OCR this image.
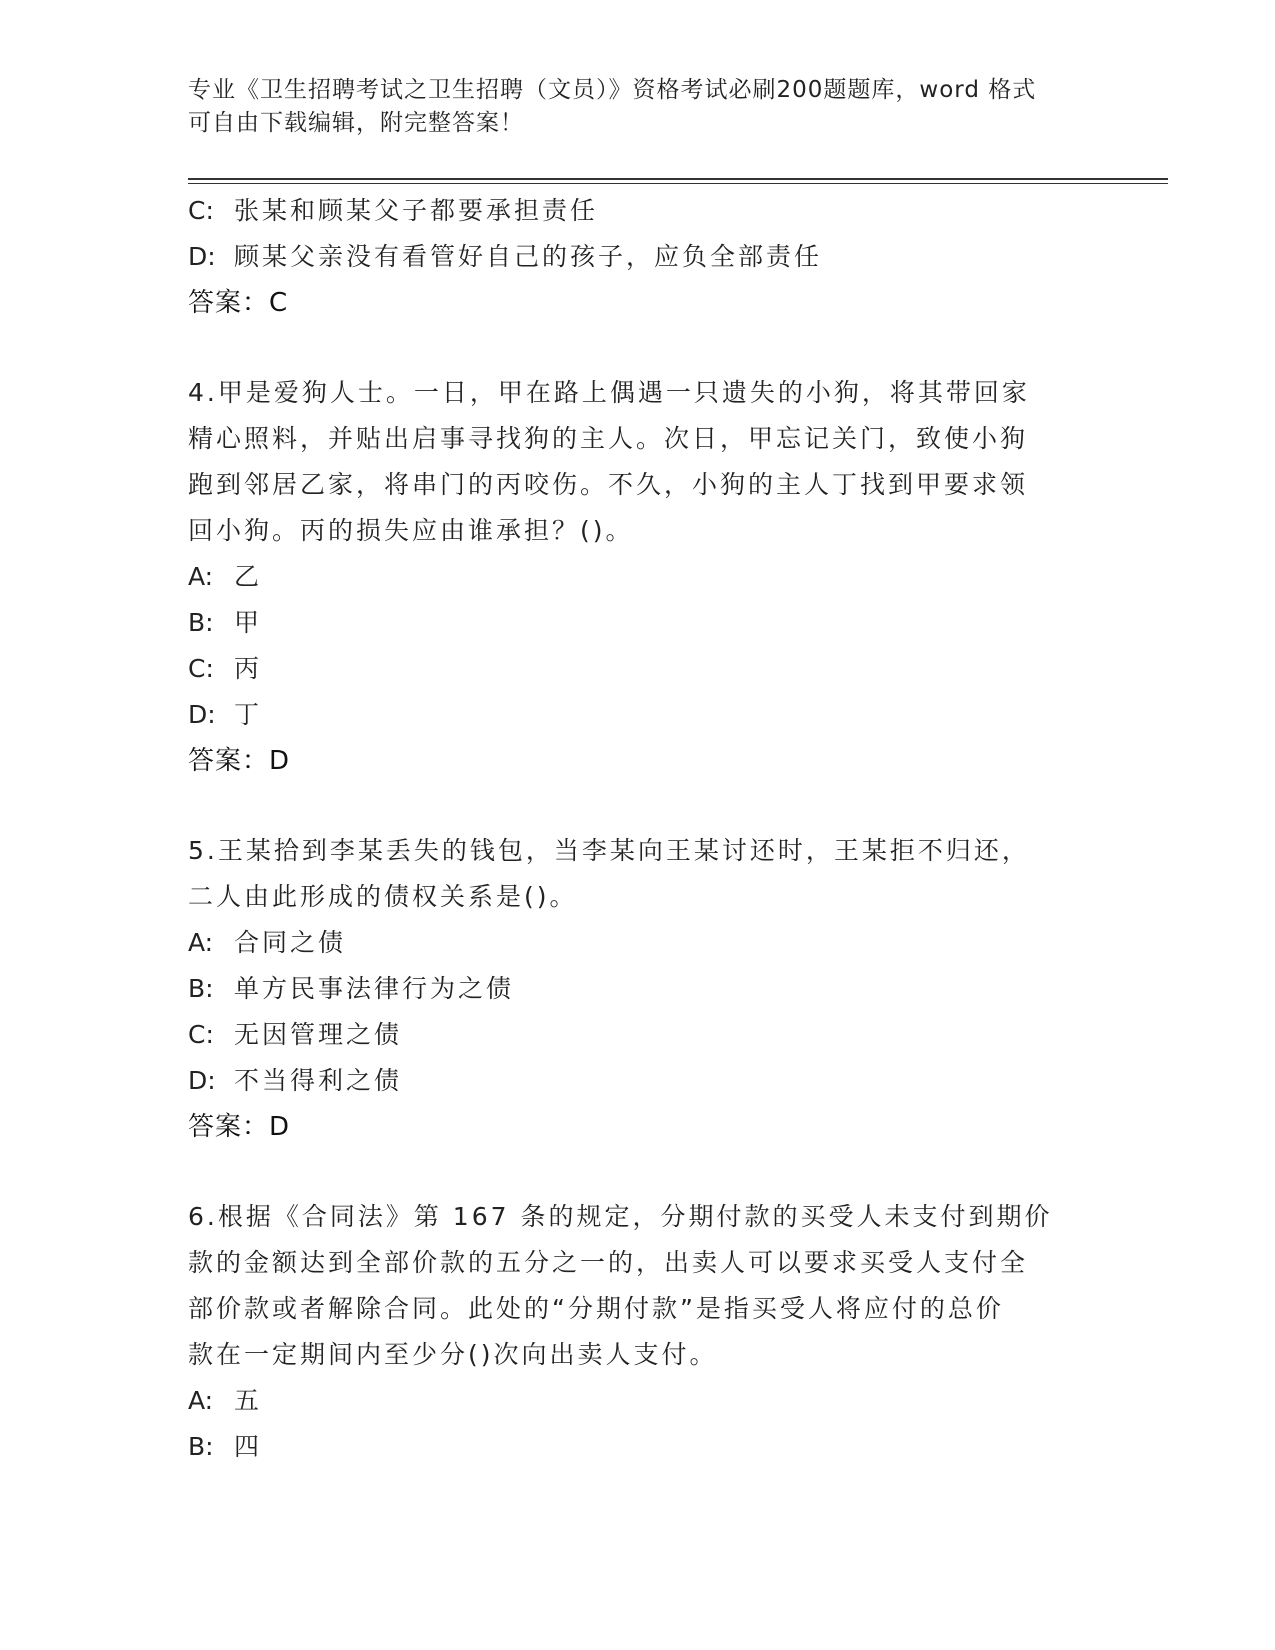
专业《卫生招聘考试之卫生招聘（文员）》资格考试必刷200题题库，word 格式
可自由下载编辑，附完整答案！
C: 张某和顾某父子都要承担责任
D: 顾某父亲没有看管好自己的孩子，应负全部责任
答案：C
4.甲是爱狗人士。一日，甲在路上偶遇一只遗失的小狗，将其带回家
精心照料，并贴出启事寻找狗的主人。次日，甲忘记关门，致使小狗
跑到邻居乙家，将串门的丙咬伤。不久，小狗的主人丁找到甲要求领
回小狗。丙的损失应由谁承担？()。
A: 乙
B: 甲
C: 丙
D: 丁
答案：D
5.王某拾到李某丢失的钱包，当李某向王某讨还时，王某拒不归还，
二人由此形成的债权关系是()。
A: 合同之债
B: 单方民事法律行为之债
C: 无因管理之债
D: 不当得利之债
答案：D
6.根据《合同法》第 167 条的规定，分期付款的买受人未支付到期价
款的金额达到全部价款的五分之一的，出卖人可以要求买受人支付全
部价款或者解除合同。此处的“分期付款”是指买受人将应付的总价
款在一定期间内至少分()次向出卖人支付。
A: 五
B: 四
